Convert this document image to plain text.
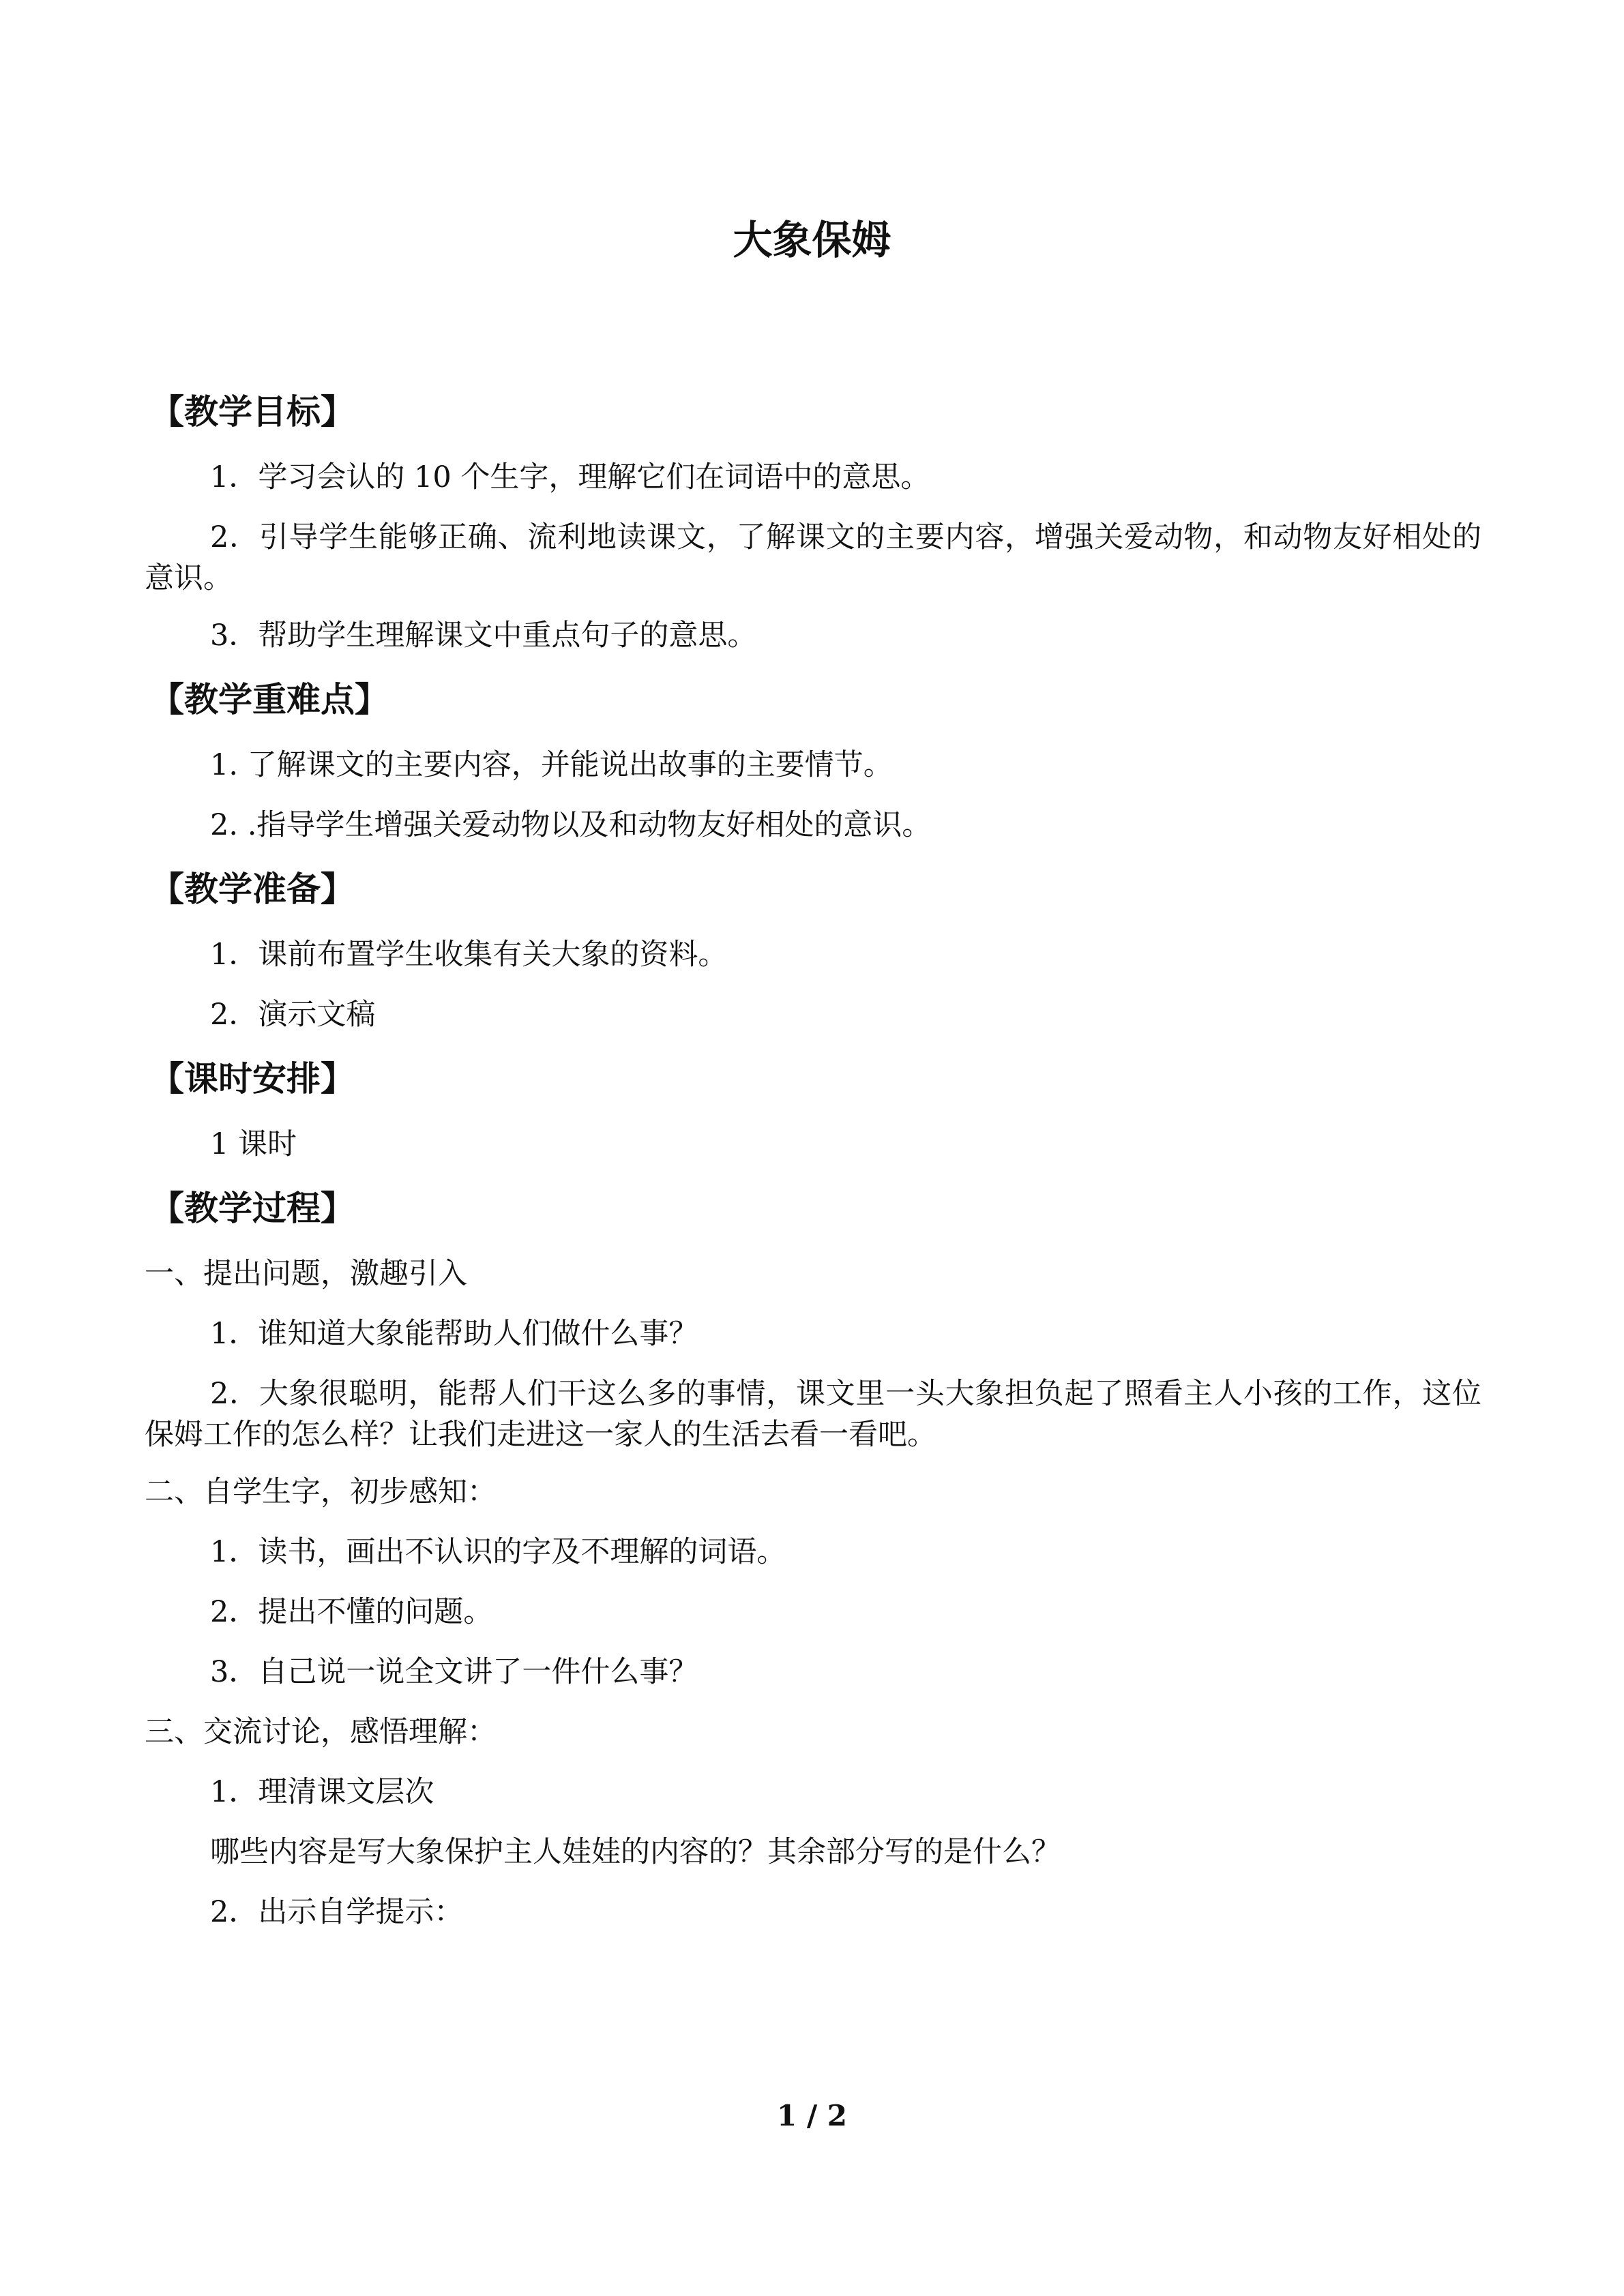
大象保姆
【教学目标】
1．学习会认的 10 个生字，理解它们在词语中的意思。
2．引导学生能够正确、流利地读课文，了解课文的主要内容，增强关爱动物，和动物友好相处的意识。
3．帮助学生理解课文中重点句子的意思。
【教学重难点】
1. 了解课文的主要内容，并能说出故事的主要情节。
2. .指导学生增强关爱动物以及和动物友好相处的意识。
【教学准备】
1．课前布置学生收集有关大象的资料。
2．演示文稿
【课时安排】
1 课时
【教学过程】
一、提出问题，激趣引入
1．谁知道大象能帮助人们做什么事？
2．大象很聪明，能帮人们干这么多的事情，课文里一头大象担负起了照看主人小孩的工作，这位保姆工作的怎么样？让我们走进这一家人的生活去看一看吧。
二、自学生字，初步感知：
1．读书，画出不认识的字及不理解的词语。
2．提出不懂的问题。
3．自己说一说全文讲了一件什么事？
三、交流讨论，感悟理解：
1．理清课文层次
哪些内容是写大象保护主人娃娃的内容的？其余部分写的是什么？
2．出示自学提示：
1 / 2
